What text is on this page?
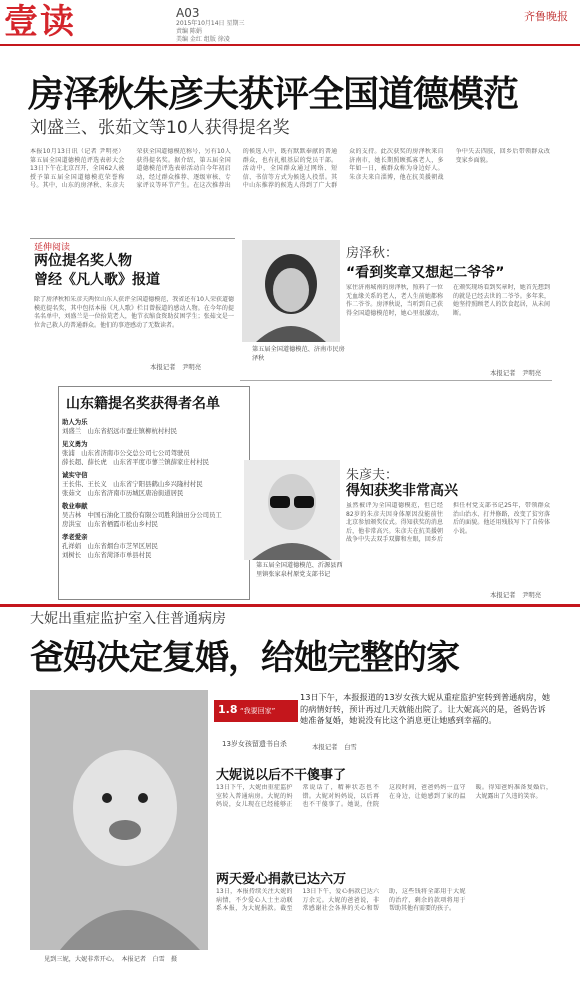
壹读	A03
2015年10月14日 星期三
责编 陈娟
美编 金红 组版 徐凌
齐鲁晚报
房泽秋朱彦夫获评全国道德模范
刘盛兰、张茹文等10人获得提名奖
本报10月13日讯（记者 尹明亮）第五届全国道德模范评选表彰大会13日下午在北京召开，全国62人被授予第五届全国道德模范荣誉称号。其中，山东的房泽秋、朱彦夫荣获全国道德模范称号，另有10人获得提名奖。据介绍，第五届全国道德模范评选表彰活动自今年初启动，经过群众推荐、逐级审核、专家评议等环节产生。在这次推荐出的候选人中，既有默默奉献的普通群众，也有扎根基层的党员干部。活动中，全国群众通过网络、短信、书信等方式为候选人投票。其中山东推荐的候选人得到了广大群众的支持。此次获奖的房泽秋来自济南市，她长期照顾孤寡老人，多年如一日，被群众称为身边好人。朱彦夫来自淄博，他在抗美援朝战争中失去四肢，回乡后带领群众改变家乡面貌。
延伸阅读
两位提名奖人物
曾经《凡人歌》报道
除了房泽秋和朱彦夫两位山东人获评全国道德模范，我省还有10人荣获道德模范提名奖，其中包括本报《凡人歌》栏目曾报道的感动人物。在今年的提名名单中，刘盛兰是一位拾荒老人，他节衣缩食资助贫困学生；张茹文是一位舍己救人的普通群众。他们的事迹感动了无数读者。
本报记者　尹明亮
山东籍提名奖获得者名单
助人为乐
刘盛兰　山东省招远市蚕庄镇柳杭村村民
见义勇为
张浦　山东省济南市公交总公司七公司驾驶员
薛长超、薛长虎　山东省平度市蓼兰镇薛家庄村村民
诚实守信
王长伟、王长义　山东省宁阳县鹤山乡兴隆村村民
张茹文　山东省济南市历城区唐冶街道居民
敬业奉献
吴吉林　中国石油化工股份有限公司胜利油田分公司员工
房洪宝　山东省栖霞市松山乡村民
孝老爱亲
孔祥娟　山东省烟台市芝罘区居民
刘树长　山东省菏泽市单县村民
第五届全国道德模范、济南市民房泽秋
房泽秋：
“看到奖章又想起二爷爷”
家住济南城南的房泽秋，照料了一位无血缘关系的老人，老人生前她都称作二爷爷。房泽秋说，当听到自己获得全国道德模范时，她心里很激动，在颁奖现场看到奖章时，她首先想到的就是已经去世的二爷爷。多年来，她坚持照顾老人的饮食起居，从未间断。
本报记者　尹明亮
第五届全国道德模范、沂源县西里镇张家泉村原党支部书记
朱彦夫：
得知获奖非常高兴
虽然被评为全国道德模范，但已经82岁的朱彦夫因身体原因没能前往北京参加颁奖仪式。得知获奖的消息后，他非常高兴。朱彦夫在抗美援朝战争中失去双手双脚和左眼，回乡后担任村党支部书记25年，带领群众治山治水、打井修路，改变了贫穷落后的面貌。他还用残肢写下了自传体小说。
本报记者　尹明亮
大妮出重症监护室入住普通病房
爸妈决定复婚，给她完整的家
见到三妮，大妮非常开心。　本报记者　白雪　摄
1.8 “我要回家”
13岁女孩留遗书自杀
13日下午，本报报道的13岁女孩大妮从重症监护室转到普通病房，她的病情好转，预计再过几天就能出院了。让大妮高兴的是，爸妈告诉她准备复婚，她说没有比这个消息更让她感到幸福的。
本报记者　白雪
大妮说以后不干傻事了
13日下午，大妮由重症监护室转入普通病房。大妮的妈妈说，女儿现在已经能够正常说话了，精神状态也不错。大妮对妈妈说，以后再也不干傻事了。她说，住院这段时间，爸爸妈妈一直守在身边，让她感到了家的温暖。得知爸妈准备复婚后，大妮露出了久违的笑容。
两天爱心捐款已达六万
13日，本报持续关注大妮的病情，不少爱心人士主动联系本报，为大妮捐款。截至13日下午，爱心捐款已达六万余元。大妮的爸爸说，非常感谢社会各界的关心和帮助，这些钱将全部用于大妮的治疗，剩余的款项将用于帮助其他有需要的孩子。
